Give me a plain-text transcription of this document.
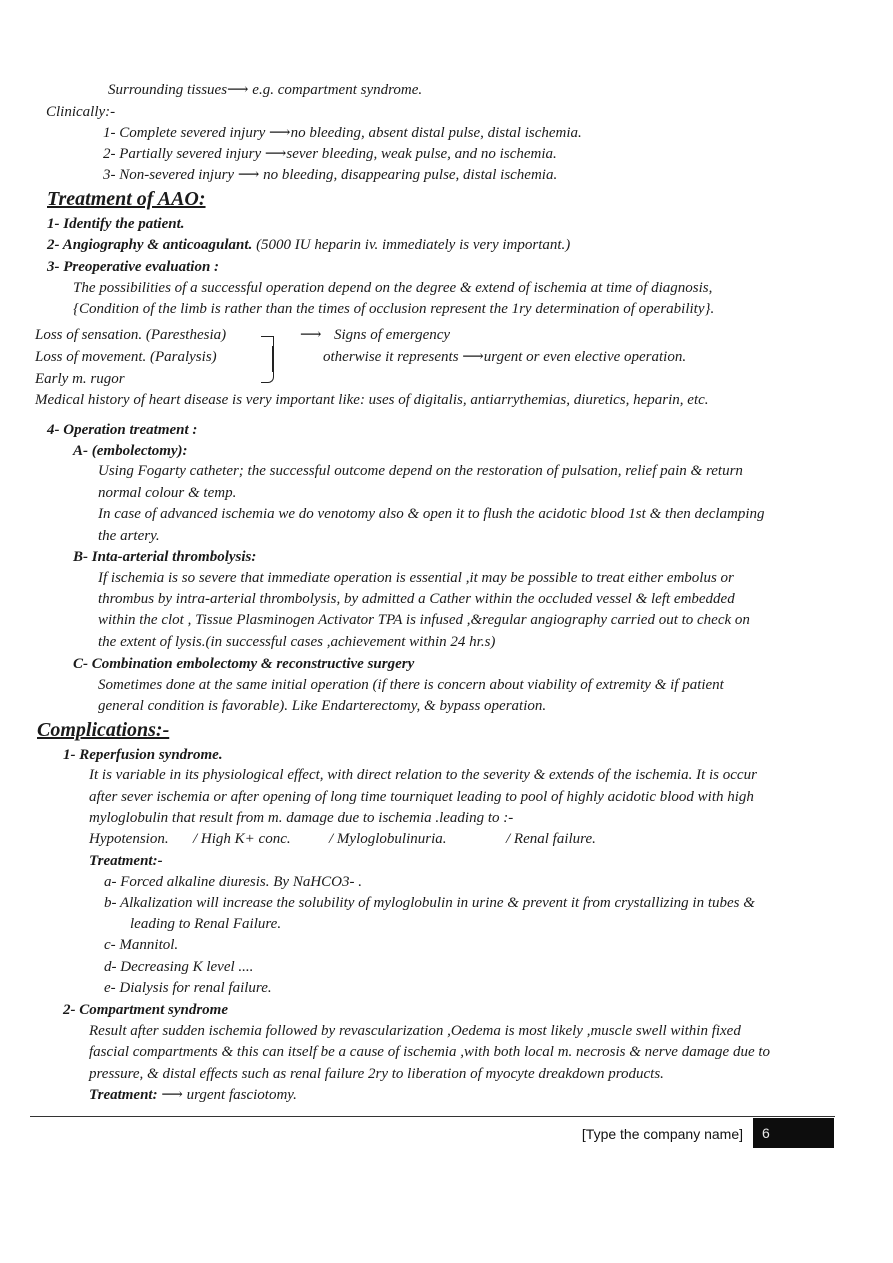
Surrounding tissues⟶ e.g. compartment syndrome.
Clinically:-
1- Complete severed injury ⟶no bleeding, absent distal pulse, distal ischemia.
2- Partially severed injury ⟶sever bleeding, weak pulse, and no ischemia.
3- Non-severed injury ⟶ no bleeding, disappearing pulse, distal ischemia.
Treatment of AAO:
1- Identify the patient.
2- Angiography & anticoagulant. (5000 IU heparin iv. immediately is very important.)
3- Preoperative evaluation :
The possibilities of a successful operation depend on the degree & extend of ischemia at time of diagnosis,
{Condition of the limb is rather than the times of occlusion represent the 1ry determination of operability}.
Loss of sensation. (Paresthesia)	⟶ Signs of emergency
Loss of movement. (Paralysis)	otherwise it represents ⟶urgent or even elective operation.
Early m. rugor
Medical history of heart disease is very important like: uses of digitalis, antiarrythemias, diuretics, heparin, etc.
4- Operation treatment :
A- (embolectomy):
Using Fogarty catheter; the successful outcome depend on the restoration of pulsation, relief pain & return
normal colour & temp.
In case of advanced ischemia we do venotomy also & open it to flush the acidotic blood 1st & then declamping
the artery.
B- Inta-arterial thrombolysis:
If ischemia is so severe that immediate operation is essential ,it may be possible to treat either embolus or
thrombus by intra-arterial thrombolysis, by admitted a Cather within the occluded vessel & left embedded
within the clot , Tissue Plasminogen Activator TPA is infused ,&regular angiography carried out to check on
the extent of lysis.(in successful cases ,achievement within 24 hr.s)
C- Combination embolectomy & reconstructive surgery
Sometimes done at the same initial operation (if there is concern about viability of extremity & if patient
general condition is favorable). Like Endarterectomy, & bypass operation.
Complications:-
1- Reperfusion syndrome.
It is variable in its physiological effect, with direct relation to the severity & extends of the ischemia. It is occur
after sever ischemia or after opening of long time tourniquet leading to pool of highly acidotic blood with high
myloglobulin that result from m. damage due to ischemia .leading to :-
Hypotension. / High K+ conc.	/ Myloglobulinuria.	/ Renal failure.
Treatment:-
a- Forced alkaline diuresis. By NaHCO3- .
b- Alkalization will increase the solubility of myloglobulin in urine & prevent it from crystallizing in tubes &
leading to Renal Failure.
c- Mannitol.
d- Decreasing K level ....
e- Dialysis for renal failure.
2- Compartment syndrome
Result after sudden ischemia followed by revascularization ,Oedema is most likely ,muscle swell within fixed
fascial compartments & this can itself be a cause of ischemia ,with both local m. necrosis & nerve damage due to
pressure, & distal effects such as renal failure 2ry to liberation of myocyte dreakdown products.
Treatment: ⟶ urgent fasciotomy.
[Type the company name]	6
